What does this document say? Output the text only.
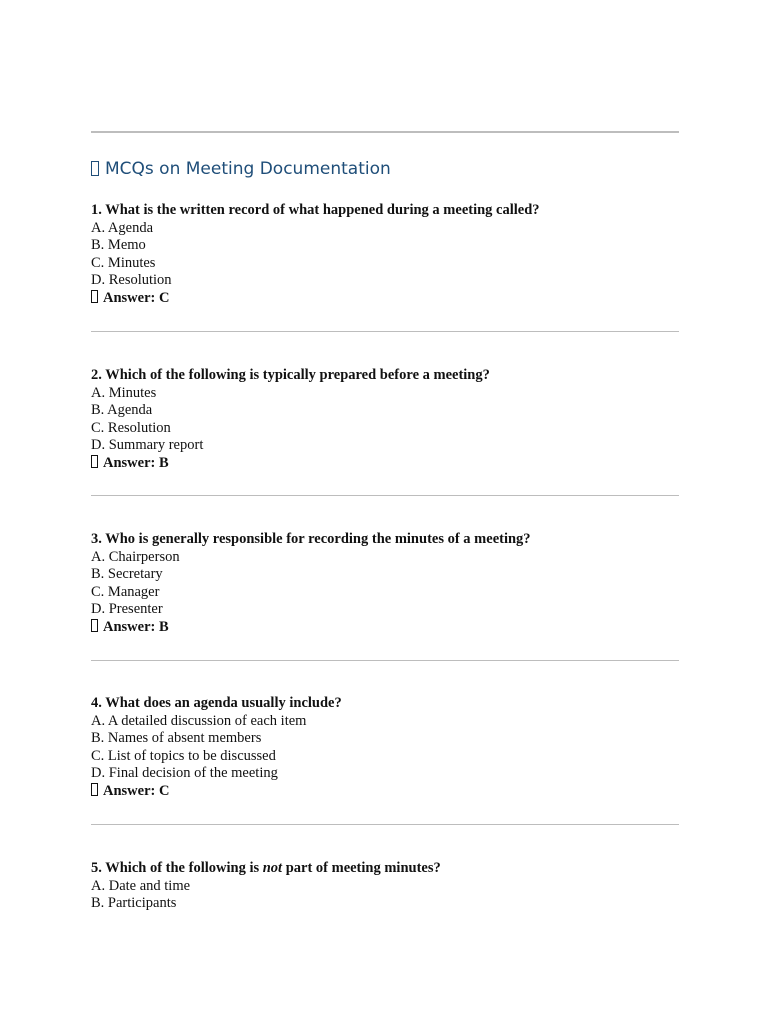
MCQs on Meeting Documentation
1. What is the written record of what happened during a meeting called?
A. Agenda
B. Memo
C. Minutes
D. Resolution
Answer: C
2. Which of the following is typically prepared before a meeting?
A. Minutes
B. Agenda
C. Resolution
D. Summary report
Answer: B
3. Who is generally responsible for recording the minutes of a meeting?
A. Chairperson
B. Secretary
C. Manager
D. Presenter
Answer: B
4. What does an agenda usually include?
A. A detailed discussion of each item
B. Names of absent members
C. List of topics to be discussed
D. Final decision of the meeting
Answer: C
5. Which of the following is not part of meeting minutes?
A. Date and time
B. Participants
